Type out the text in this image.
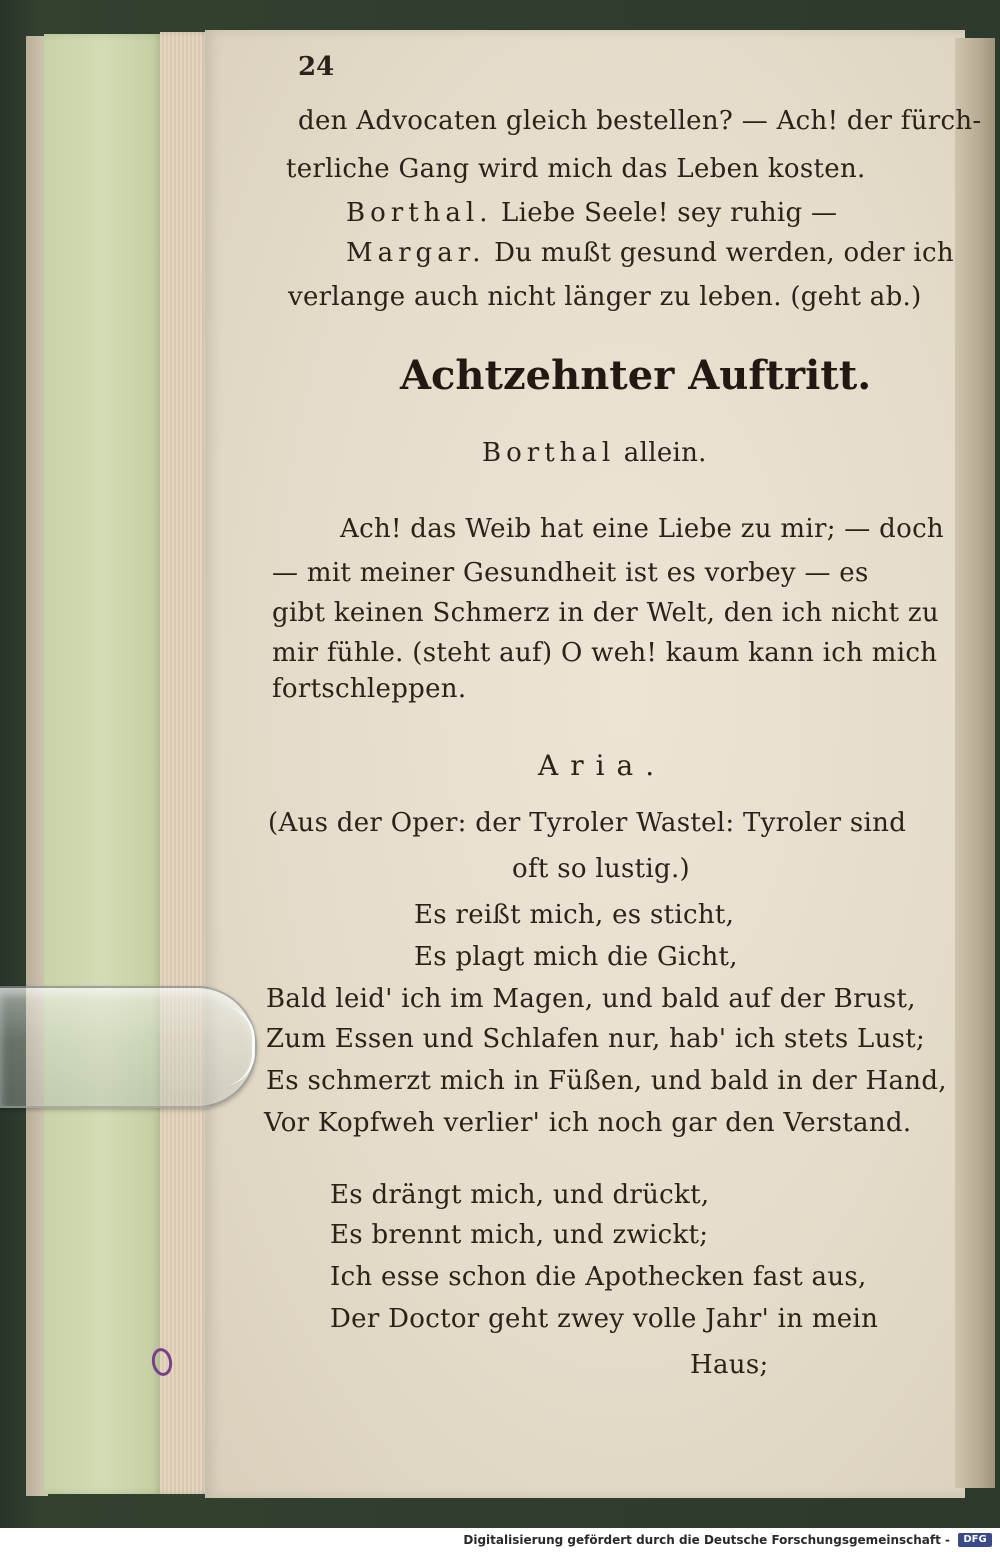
24
den Advocaten gleich bestellen? — Ach! der fürch-
terliche Gang wird mich das Leben kosten.
Borthal. Liebe Seele! sey ruhig —
Margar. Du mußt gesund werden, oder ich
verlange auch nicht länger zu leben. (geht ab.)
Achtzehnter Auftritt.
Borthal allein.
Ach! das Weib hat eine Liebe zu mir; — doch
— mit meiner Gesundheit ist es vorbey — es
gibt keinen Schmerz in der Welt, den ich nicht zu
mir fühle. (steht auf) O weh! kaum kann ich mich
fortschleppen.
Aria.
(Aus der Oper: der Tyroler Wastel: Tyroler sind
oft so lustig.)
Es reißt mich, es sticht,
Es plagt mich die Gicht,
Bald leid' ich im Magen, und bald auf der Brust,
Zum Essen und Schlafen nur, hab' ich stets Lust;
Es schmerzt mich in Füßen, und bald in der Hand,
Vor Kopfweh verlier' ich noch gar den Verstand.
Es drängt mich, und drückt,
Es brennt mich, und zwickt;
Ich esse schon die Apothecken fast aus,
Der Doctor geht zwey volle Jahr' in mein
Haus;
Digitalisierung gefördert durch die Deutsche Forschungsgemeinschaft -	DFG
